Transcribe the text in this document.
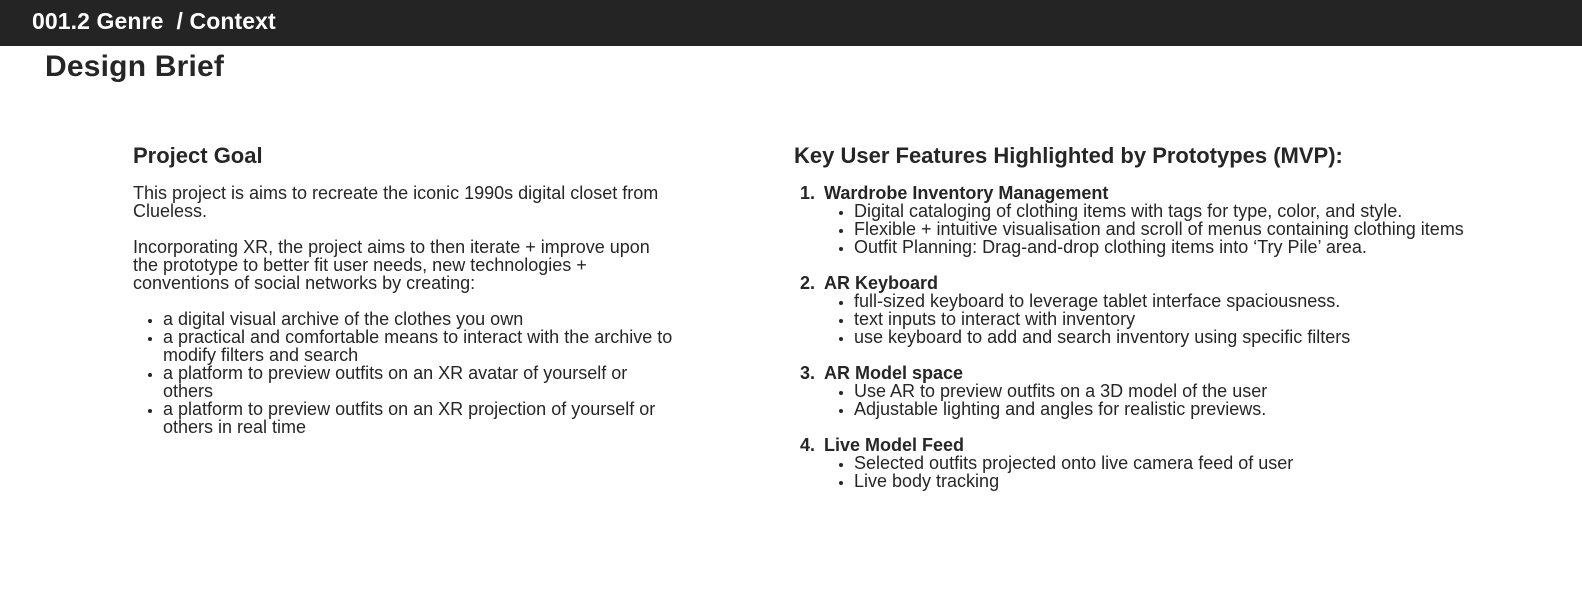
001.2 Genre  / Context
Design Brief
Project Goal

This project is aims to recreate the iconic 1990s digital closet from Clueless.

Incorporating XR, the project aims to then iterate + improve upon the prototype to better fit user needs, new technologies + conventions of social networks by creating:

• a digital visual archive of the clothes you own
• a practical and comfortable means to interact with the archive to modify filters and search
• a platform to preview outfits on an XR avatar of yourself or others
• a platform to preview outfits on an XR projection of yourself or others in real time
Key User Features Highlighted by Prototypes (MVP):
1. Wardrobe Inventory Management
• Digital cataloging of clothing items with tags for type, color, and style.
• Flexible + intuitive visualisation and scroll of menus containing clothing items
• Outfit Planning: Drag-and-drop clothing items into ‘Try Pile’ area.
2. AR Keyboard
• full-sized keyboard to leverage tablet interface spaciousness.
• text inputs to interact with inventory
• use keyboard to add and search inventory using specific filters
3. AR Model space
• Use AR to preview outfits on a 3D model of the user
• Adjustable lighting and angles for realistic previews.
4. Live Model Feed
• Selected outfits projected onto live camera feed of user
• Live body tracking
